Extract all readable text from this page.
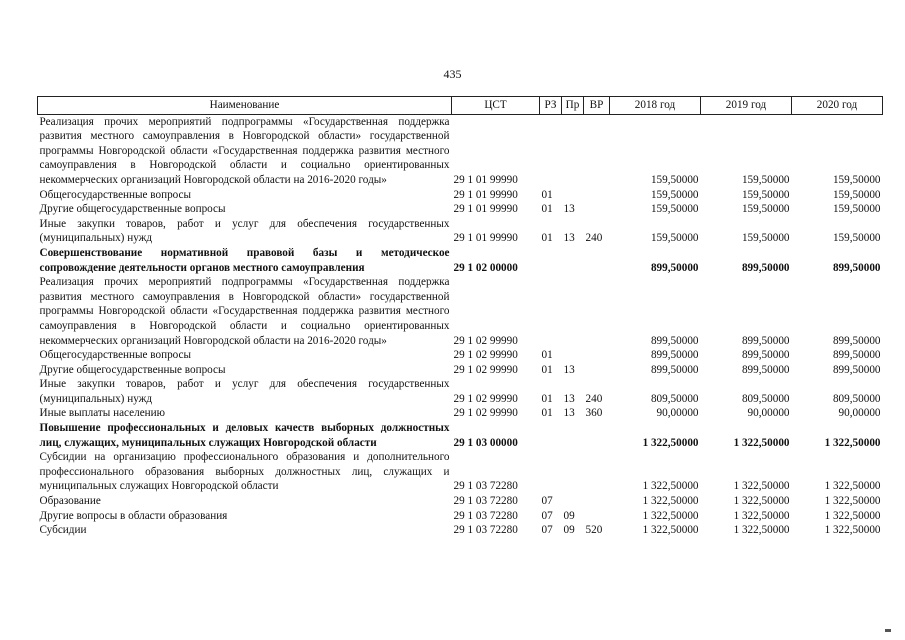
435
Наименование	ЦСТ	РЗ	Пр	ВР	2018 год	2019 год	2020 год
Реализация прочих мероприятий подпрограммы «Государственная поддержка развития местного самоуправления в Новгородской области» государственной программы Новгородской области «Государственная поддержка развития местного самоуправления в Новгородской области и социально ориентированных некоммерческих организаций Новгородской области на 2016-2020 годы»	29 1 01 99990				159,50000	159,50000	159,50000
Общегосударственные вопросы	29 1 01 99990	01			159,50000	159,50000	159,50000
Другие общегосударственные вопросы	29 1 01 99990	01	13		159,50000	159,50000	159,50000
Иные закупки товаров, работ и услуг для обеспечения государственных (муниципальных) нужд	29 1 01 99990	01	13	240	159,50000	159,50000	159,50000
Совершенствование нормативной правовой базы и методическое сопровождение деятельности органов местного самоуправления	29 1 02 00000				899,50000	899,50000	899,50000
Реализация прочих мероприятий подпрограммы «Государственная поддержка развития местного самоуправления в Новгородской области» государственной программы Новгородской области «Государственная поддержка развития местного самоуправления в Новгородской области и социально ориентированных некоммерческих организаций Новгородской области на 2016-2020 годы»	29 1 02 99990				899,50000	899,50000	899,50000
Общегосударственные вопросы	29 1 02 99990	01			899,50000	899,50000	899,50000
Другие общегосударственные вопросы	29 1 02 99990	01	13		899,50000	899,50000	899,50000
Иные закупки товаров, работ и услуг для обеспечения государственных (муниципальных) нужд	29 1 02 99990	01	13	240	809,50000	809,50000	809,50000
Иные выплаты населению	29 1 02 99990	01	13	360	90,00000	90,00000	90,00000
Повышение профессиональных и деловых качеств выборных должностных лиц, служащих, муниципальных служащих Новгородской области	29 1 03 00000				1 322,50000	1 322,50000	1 322,50000
Субсидии на организацию профессионального образования и дополнительного профессионального образования выборных должностных лиц, служащих и муниципальных служащих Новгородской области	29 1 03 72280				1 322,50000	1 322,50000	1 322,50000
Образование	29 1 03 72280	07			1 322,50000	1 322,50000	1 322,50000
Другие вопросы в области образования	29 1 03 72280	07	09		1 322,50000	1 322,50000	1 322,50000
Субсидии	29 1 03 72280	07	09	520	1 322,50000	1 322,50000	1 322,50000
